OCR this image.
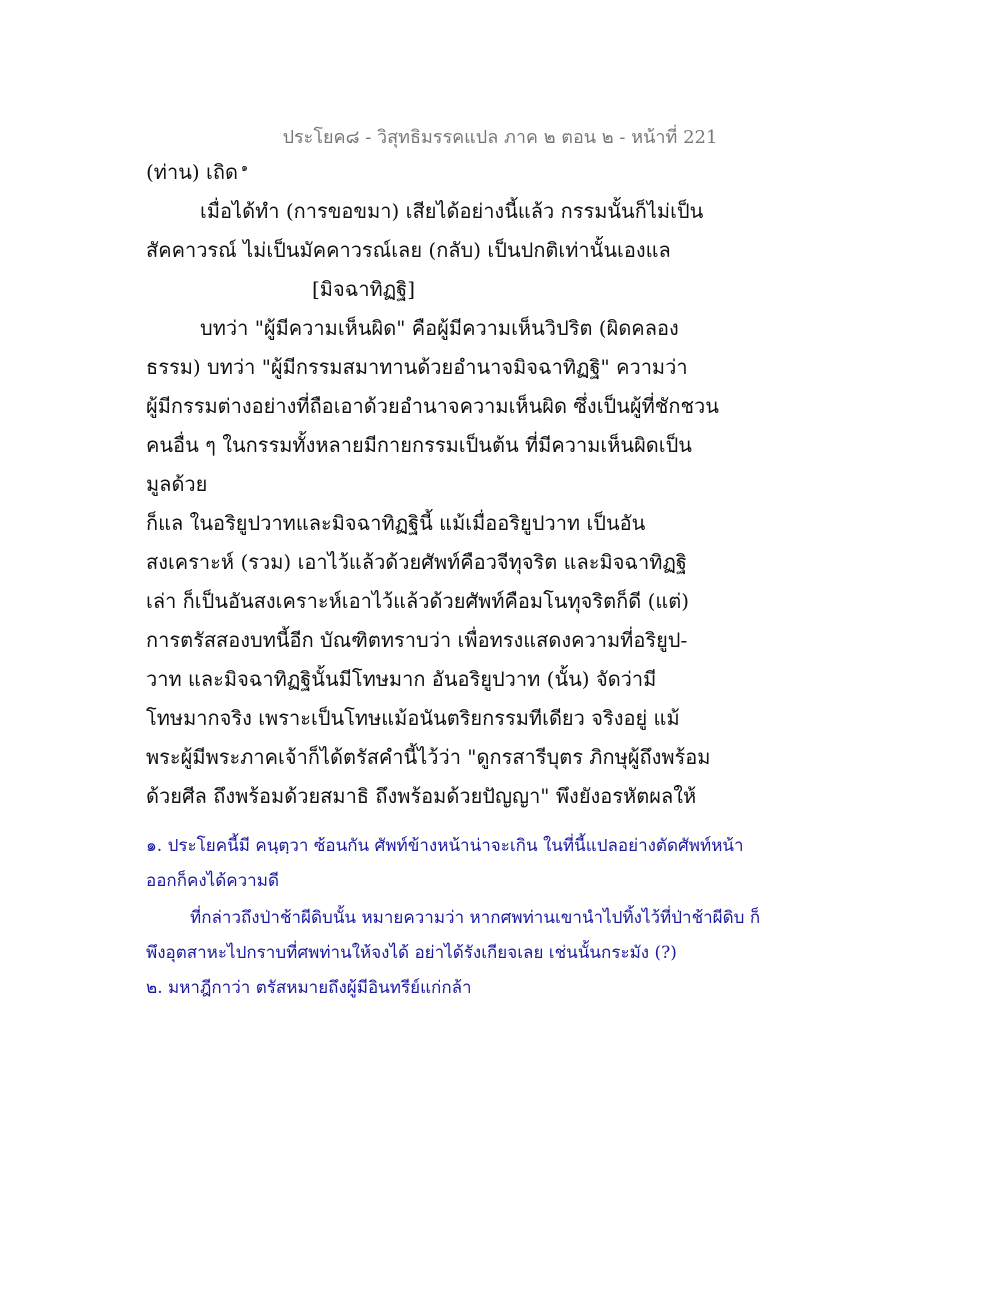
ประโยค๘ - วิสุทธิมรรคแปล ภาค ๒ ตอน ๒ - หน้าที่ 221
(ท่าน) เถิด $^๑$
เมื่อได้ทำ (การขอขมา) เสียได้อย่างนี้แล้ว กรรมนั้นก็ไม่เป็น
สัคคาวรณ์ ไม่เป็นมัคคาวรณ์เลย (กลับ) เป็นปกติเท่านั้นเองแล
[มิจฉาทิฏฐิ]
บทว่า "ผู้มีความเห็นผิด" คือผู้มีความเห็นวิปริต (ผิดคลอง
ธรรม) บทว่า "ผู้มีกรรมสมาทานด้วยอำนาจมิจฉาทิฏฐิ" ความว่า
ผู้มีกรรมต่างอย่างที่ถือเอาด้วยอำนาจความเห็นผิด ซึ่งเป็นผู้ที่ชักชวน
คนอื่น ๆ ในกรรมทั้งหลายมีกายกรรมเป็นต้น ที่มีความเห็นผิดเป็น
มูลด้วย
ก็แล ในอริยูปวาทและมิจฉาทิฏฐินี้ แม้เมื่ออริยูปวาท เป็นอัน
สงเคราะห์ (รวม) เอาไว้แล้วด้วยศัพท์คือวจีทุจริต และมิจฉาทิฏฐิ
เล่า ก็เป็นอันสงเคราะห์เอาไว้แล้วด้วยศัพท์คือมโนทุจริตก็ดี (แต่)
การตรัสสองบทนี้อีก บัณฑิตทราบว่า เพื่อทรงแสดงความที่อริยูป-
วาท และมิจฉาทิฏฐินั้นมีโทษมาก อันอริยูปวาท (นั้น) จัดว่ามี
โทษมากจริง เพราะเป็นโทษแม้อนันตริยกรรมทีเดียว จริงอยู่ แม้
พระผู้มีพระภาคเจ้าก็ได้ตรัสคำนี้ไว้ว่า "ดูกรสารีบุตร ภิกษุผู้ถึงพร้อม
ด้วยศีล ถึงพร้อมด้วยสมาธิ ถึงพร้อมด้วยปัญญา" พึงยังอรหัตผลให้
๑. ประโยคนี้มี คนฺตฺวา ซ้อนกัน ศัพท์ข้างหน้าน่าจะเกิน ในที่นี้แปลอย่างตัดศัพท์หน้า
ออกก็คงได้ความดี
ที่กล่าวถึงป่าช้าผีดิบนั้น หมายความว่า หากศพท่านเขานำไปทิ้งไว้ที่ป่าช้าผีดิบ ก็
พึงอุตสาหะไปกราบที่ศพท่านให้จงได้ อย่าได้รังเกียจเลย เช่นนั้นกระมัง (?)
๒. มหาฎีกาว่า ตรัสหมายถึงผู้มีอินทรีย์แก่กล้า
